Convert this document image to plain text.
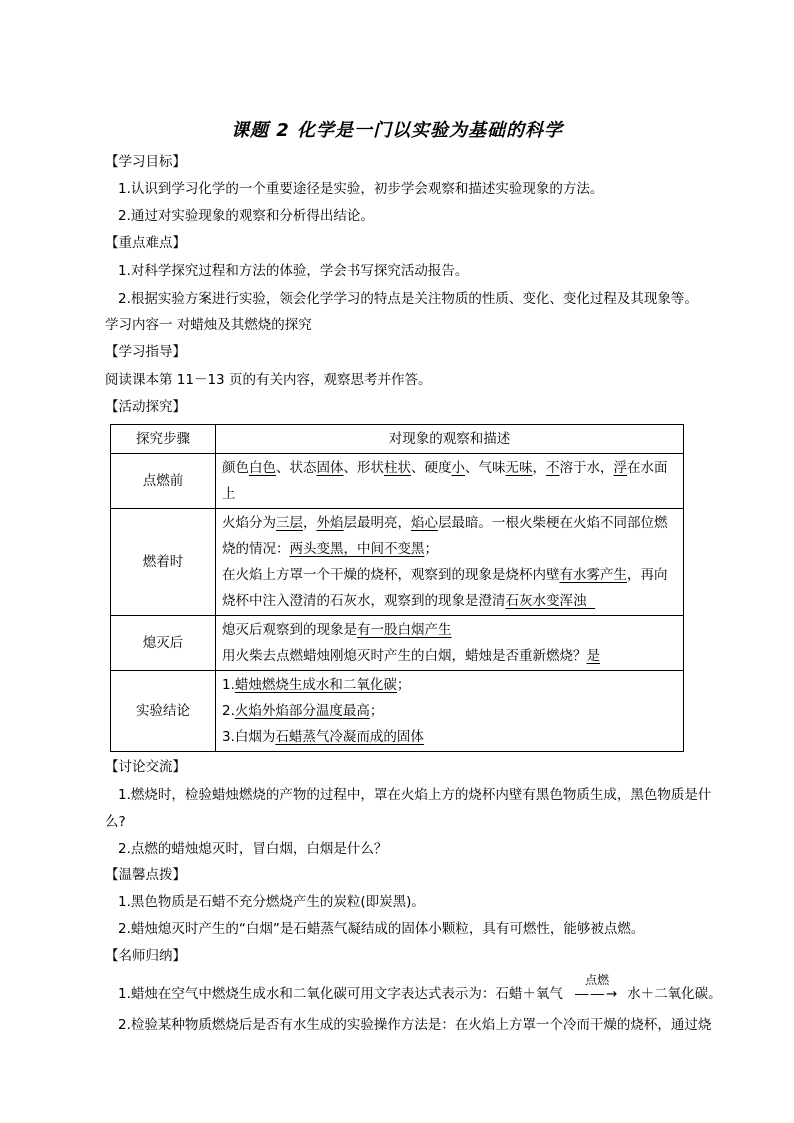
课题 2 化学是一门以实验为基础的科学
【学习目标】
1.认识到学习化学的一个重要途径是实验，初步学会观察和描述实验现象的方法。
2.通过对实验现象的观察和分析得出结论。
【重点难点】
1.对科学探究过程和方法的体验，学会书写探究活动报告。
2.根据实验方案进行实验，领会化学学习的特点是关注物质的性质、变化、变化过程及其现象等。
学习内容一 对蜡烛及其燃烧的探究
【学习指导】
阅读课本第 11－13 页的有关内容，观察思考并作答。
【活动探究】
探究步骤	对现象的观察和描述
点燃前	颜色白色、状态固体、形状柱状、硬度小、气味无味，不溶于水，浮在水面
上
燃着时	火焰分为三层，外焰层最明亮，焰心层最暗。一根火柴梗在火焰不同部位燃
烧的情况：两头变黑，中间不变黑；
在火焰上方罩一个干燥的烧杯，观察到的现象是烧杯内壁有水雾产生，再向
烧杯中注入澄清的石灰水，观察到的现象是澄清石灰水变浑浊
熄灭后	熄灭后观察到的现象是有一股白烟产生
用火柴去点燃蜡烛刚熄灭时产生的白烟，蜡烛是否重新燃烧？是
实验结论	1.蜡烛燃烧生成水和二氧化碳；
2.火焰外焰部分温度最高；
3.白烟为石蜡蒸气冷凝而成的固体
【讨论交流】
1.燃烧时，检验蜡烛燃烧的产物的过程中，罩在火焰上方的烧杯内壁有黑色物质生成，黑色物质是什
么?
2.点燃的蜡烛熄灭时，冒白烟，白烟是什么？
【温馨点拨】
1.黑色物质是石蜡不充分燃烧产生的炭粒(即炭黑)。
2.蜡烛熄灭时产生的“白烟”是石蜡蒸气凝结成的固体小颗粒，具有可燃性，能够被点燃。
【名师归纳】
1.蜡烛在空气中燃烧生成水和二氧化碳可用文字表达式表示为：石蜡＋氧气
点燃
――→ 水＋二氧化碳。
2.检验某种物质燃烧后是否有水生成的实验操作方法是：在火焰上方罩一个冷而干燥的烧杯，通过烧
